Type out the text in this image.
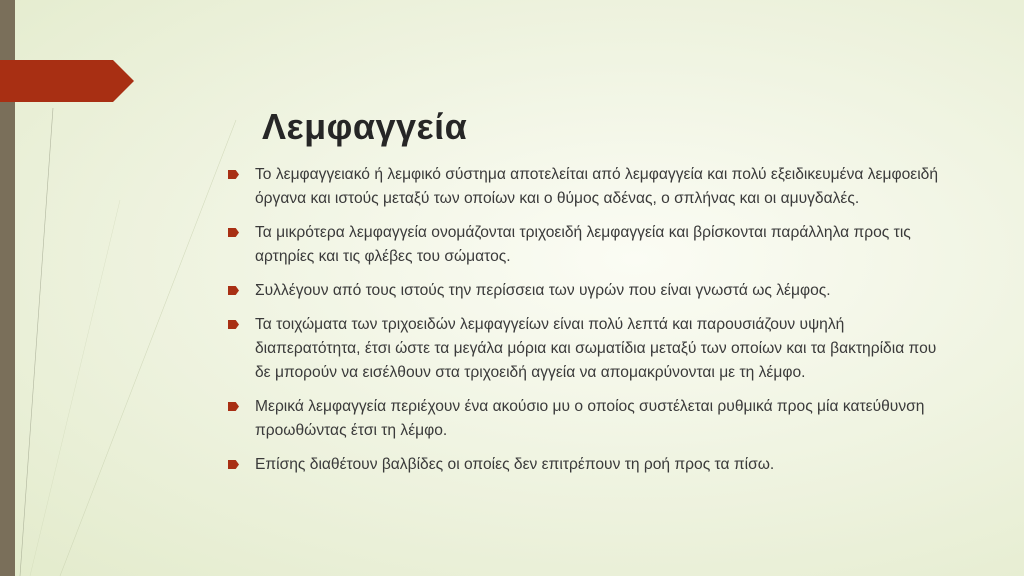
Λεμφαγγεία
Το λεμφαγγειακό ή λεμφικό σύστημα αποτελείται από λεμφαγγεία και πολύ εξειδικευμένα λεμφοειδή όργανα και ιστούς μεταξύ των οποίων και ο θύμος αδένας, ο σπλήνας και οι αμυγδαλές.
Τα μικρότερα λεμφαγγεία ονομάζονται τριχοειδή λεμφαγγεία και βρίσκονται παράλληλα προς τις αρτηρίες και τις φλέβες του σώματος.
Συλλέγουν από τους ιστούς την περίσσεια των υγρών που είναι γνωστά ως λέμφος.
Τα τοιχώματα των τριχοειδών λεμφαγγείων είναι πολύ λεπτά και παρουσιάζουν υψηλή διαπερατότητα, έτσι ώστε τα μεγάλα μόρια και σωματίδια μεταξύ των οποίων και τα βακτηρίδια που δε μπορούν να εισέλθουν στα τριχοειδή αγγεία να απομακρύνονται με τη λέμφο.
Μερικά λεμφαγγεία περιέχουν ένα ακούσιο μυ ο οποίος συστέλεται ρυθμικά προς μία κατεύθυνση προωθώντας έτσι τη λέμφο.
Επίσης διαθέτουν βαλβίδες οι οποίες δεν επιτρέπουν τη ροή προς τα πίσω.
